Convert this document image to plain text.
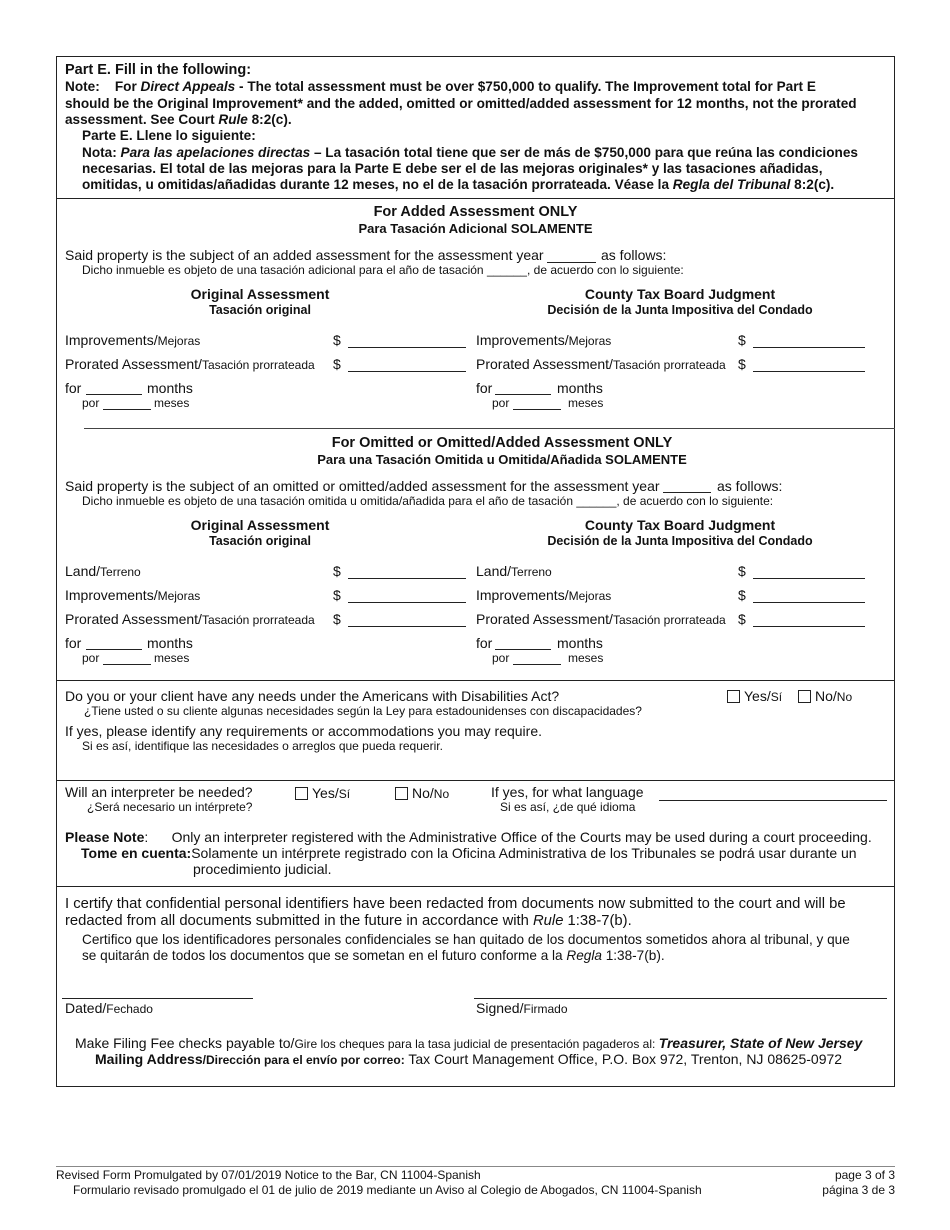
Part E. Fill in the following:
Note: For Direct Appeals - The total assessment must be over $750,000 to qualify. The Improvement total for Part E
should be the Original Improvement* and the added, omitted or omitted/added assessment for 12 months, not the prorated
assessment. See Court Rule 8:2(c).
Parte E. Llene lo siguiente:
Nota: Para las apelaciones directas – La tasación total tiene que ser de más de $750,000 para que reúna las condiciones
necesarias. El total de las mejoras para la Parte E debe ser el de las mejoras originales* y las tasaciones añadidas,
omitidas, u omitidas/añadidas durante 12 meses, no el de la tasación prorrateada. Véase la Regla del Tribunal 8:2(c).
For Added Assessment ONLY
Para Tasación Adicional SOLAMENTE
Said property is the subject of an added assessment for the assessment year	as follows:
Dicho inmueble es objeto de una tasación adicional para el año de tasación ______, de acuerdo con lo siguiente:
Original Assessment
Tasación original
County Tax Board Judgment
Decisión de la Junta Impositiva del Condado
Improvements/Mejoras	$	Improvements/Mejoras	$
Prorated Assessment/Tasación prorrateada $	Prorated Assessment/Tasación prorrateada $
for	months
por	meses
for	months
por	meses
For Omitted or Omitted/Added Assessment ONLY
Para una Tasación Omitida u Omitida/Añadida SOLAMENTE
Said property is the subject of an omitted or omitted/added assessment for the assessment year	as follows:
Dicho inmueble es objeto de una tasación omitida u omitida/añadida para el año de tasación ______, de acuerdo con lo siguiente:
Original Assessment
Tasación original
County Tax Board Judgment
Decisión de la Junta Impositiva del Condado
Land/Terreno	$	Land/Terreno	$
Improvements/Mejoras	$	Improvements/Mejoras	$
Prorated Assessment/Tasación prorrateada $	Prorated Assessment/Tasación prorrateada $
for	months
por	meses
for	months
por	meses
Do you or your client have any needs under the Americans with Disabilities Act?
¿Tiene usted o su cliente algunas necesidades según la Ley para estadounidenses con discapacidades?
Yes/Sí	No/No
If yes, please identify any requirements or accommodations you may require.
Si es así, identifique las necesidades o arreglos que pueda requerir.
Will an interpreter be needed?
¿Será necesario un intérprete?
Yes/Sí	No/No	If yes, for what language
Si es así, ¿de qué idioma
Please Note:      Only an interpreter registered with the Administrative Office of the Courts may be used during a court proceeding.
Tome en cuenta:Solamente un intérprete registrado con la Oficina Administrativa de los Tribunales se podrá usar durante un
procedimiento judicial.
I certify that confidential personal identifiers have been redacted from documents now submitted to the court and will be
redacted from all documents submitted in the future in accordance with Rule 1:38-7(b).
Certifico que los identificadores personales confidenciales se han quitado de los documentos sometidos ahora al tribunal, y que
se quitarán de todos los documentos que se sometan en el futuro conforme a la Regla 1:38-7(b).
Dated/Fechado	Signed/Firmado
Make Filing Fee checks payable to/Gire los cheques para la tasa judicial de presentación pagaderos al: Treasurer, State of New Jersey
Mailing Address/Dirección para el envío por correo: Tax Court Management Office, P.O. Box 972, Trenton, NJ 08625-0972
Revised Form Promulgated by 07/01/2019 Notice to the Bar, CN 11004-Spanish
Formulario revisado promulgado el 01 de julio de 2019 mediante un Aviso al Colegio de Abogados, CN 11004-Spanish
page 3 of 3
página 3 de 3
